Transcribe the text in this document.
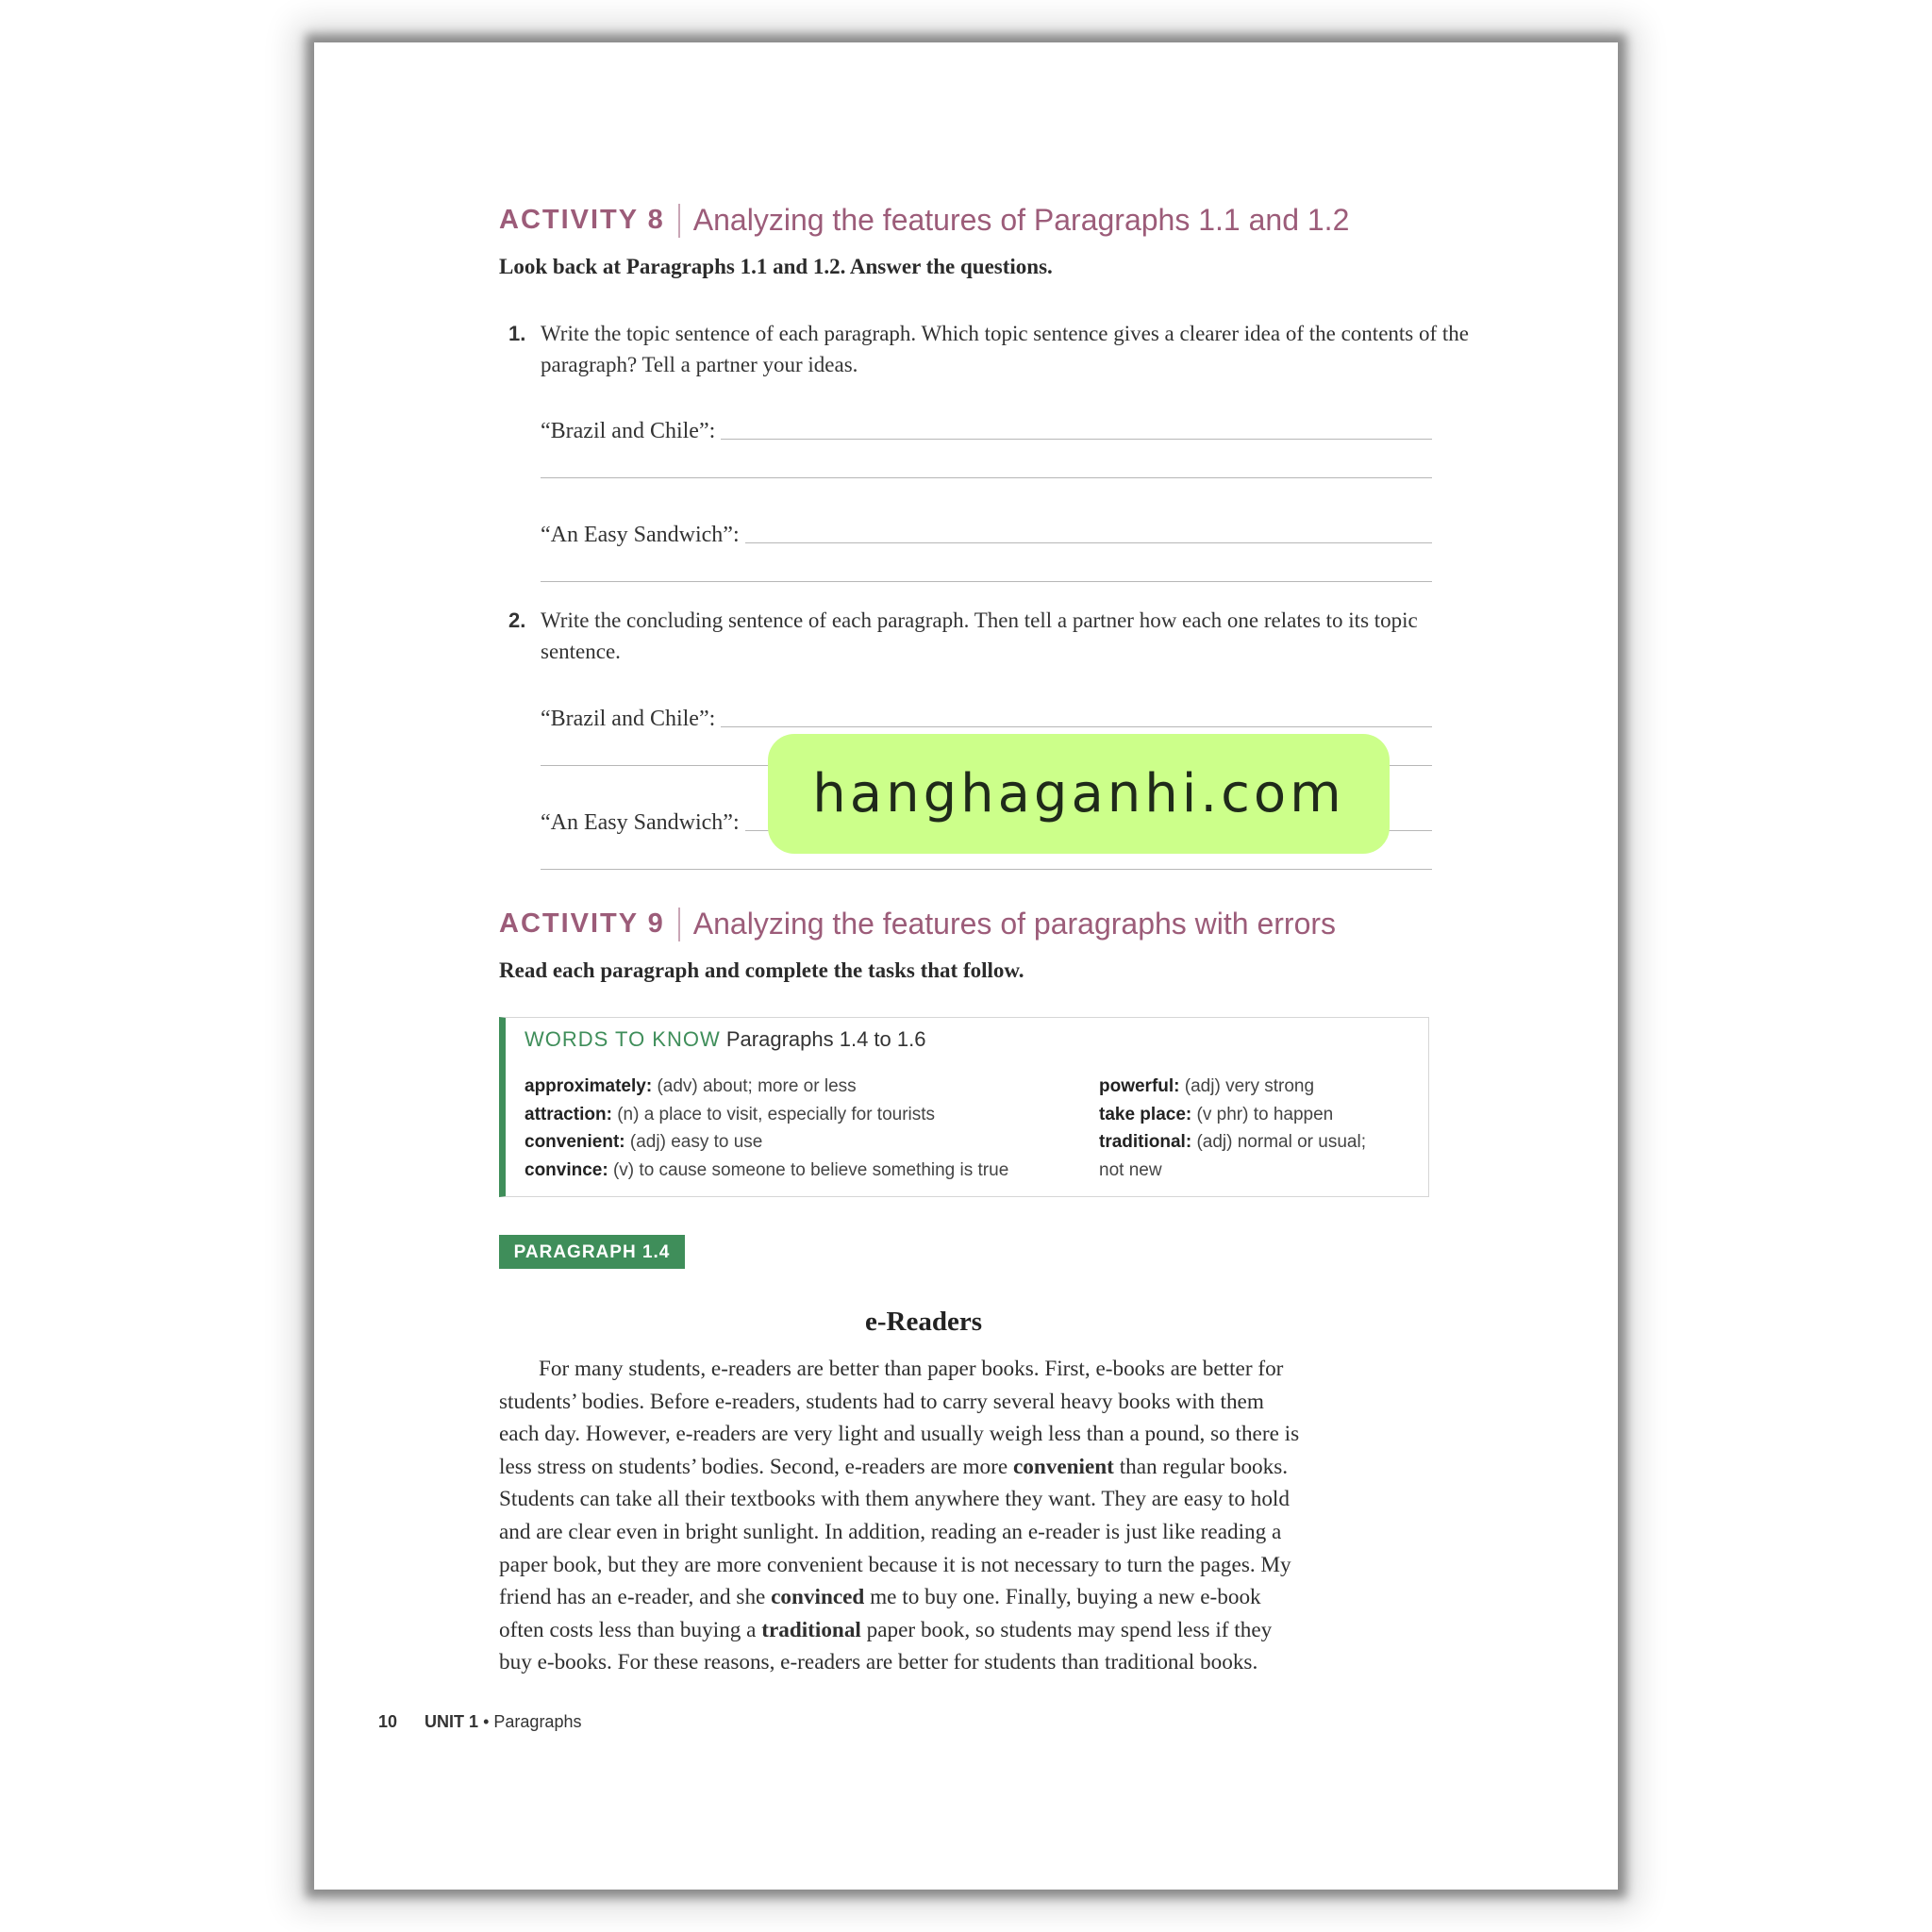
ACTIVITY 8 Analyzing the features of Paragraphs 1.1 and 1.2
Look back at Paragraphs 1.1 and 1.2. Answer the questions.
1. Write the topic sentence of each paragraph. Which topic sentence gives a clearer idea of the contents of the paragraph? Tell a partner your ideas.
“Brazil and Chile”:
“An Easy Sandwich”:
2. Write the concluding sentence of each paragraph. Then tell a partner how each one relates to its topic sentence.
“Brazil and Chile”:
“An Easy Sandwich”:
ACTIVITY 9 Analyzing the features of paragraphs with errors
Read each paragraph and complete the tasks that follow.
WORDS TO KNOW Paragraphs 1.4 to 1.6
approximately: (adv) about; more or less
attraction: (n) a place to visit, especially for tourists
convenient: (adj) easy to use
convince: (v) to cause someone to believe something is true
powerful: (adj) very strong
take place: (v phr) to happen
traditional: (adj) normal or usual;
not new
PARAGRAPH 1.4
e-Readers
For many students, e-readers are better than paper books. First, e-books are better for
students’ bodies. Before e-readers, students had to carry several heavy books with them
each day. However, e-readers are very light and usually weigh less than a pound, so there is
less stress on students’ bodies. Second, e-readers are more convenient than regular books.
Students can take all their textbooks with them anywhere they want. They are easy to hold
and are clear even in bright sunlight. In addition, reading an e-reader is just like reading a
paper book, but they are more convenient because it is not necessary to turn the pages. My
friend has an e-reader, and she convinced me to buy one. Finally, buying a new e-book
often costs less than buying a traditional paper book, so students may spend less if they
buy e-books. For these reasons, e-readers are better for students than traditional books.
10 UNIT 1 • Paragraphs
hanghaganhi.com
